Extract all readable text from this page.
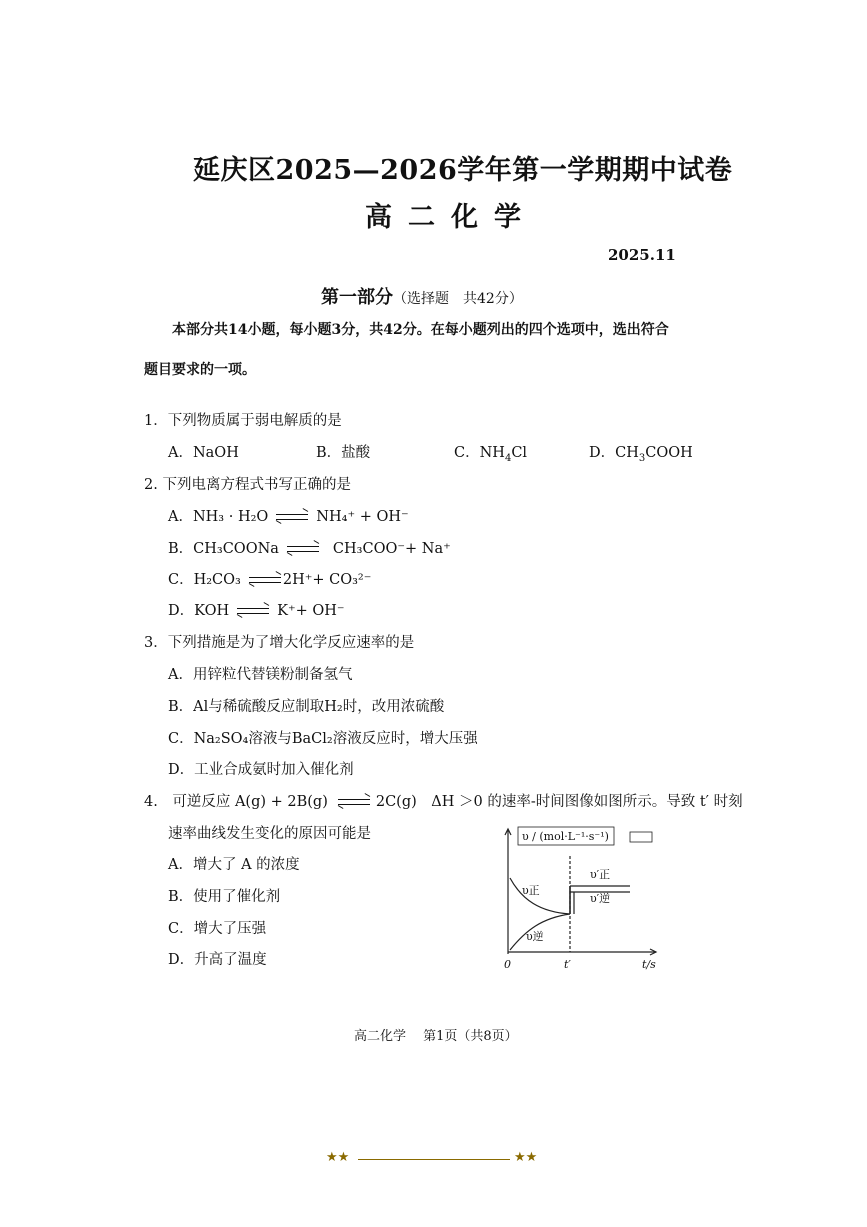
延庆区2025—2026学年第一学期期中试卷
高二化学
2025.11
第一部分（选择题　共42分）
本部分共14小题，每小题3分，共42分。在每小题列出的四个选项中，选出符合
题目要求的一项。
1．下列物质属于弱电解质的是
A．NaOH	B．盐酸	C．$NH_4Cl$	D．$CH_3COOH$
2. 下列电离方程式书写正确的是
A．NH₃ · H₂O	NH₄⁺ + OH⁻
B．CH₃COONa	CH₃COO⁻+ Na⁺
C．H₂CO₃	2H⁺+ CO₃²⁻
D．KOH	K⁺+ OH⁻
3．下列措施是为了增大化学反应速率的是
A．用锌粒代替镁粉制备氢气
B．Al与稀硫酸反应制取H₂时，改用浓硫酸
C．Na₂SO₄溶液与BaCl₂溶液反应时，增大压强
D．工业合成氨时加入催化剂
4.　可逆反应 A(g) + 2B(g)	2C(g)　ΔH ＞0 的速率-时间图像如图所示。导致 t′ 时刻
速率曲线发生变化的原因可能是
A．增大了 A 的浓度
B．使用了催化剂
C．增大了压强
D．升高了温度
υ / (mol·L⁻¹·s⁻¹)
0	t′	t/s
υ正
υ逆
υ′正
υ′逆
高二化学　 第1页（共8页）
★★	★★
